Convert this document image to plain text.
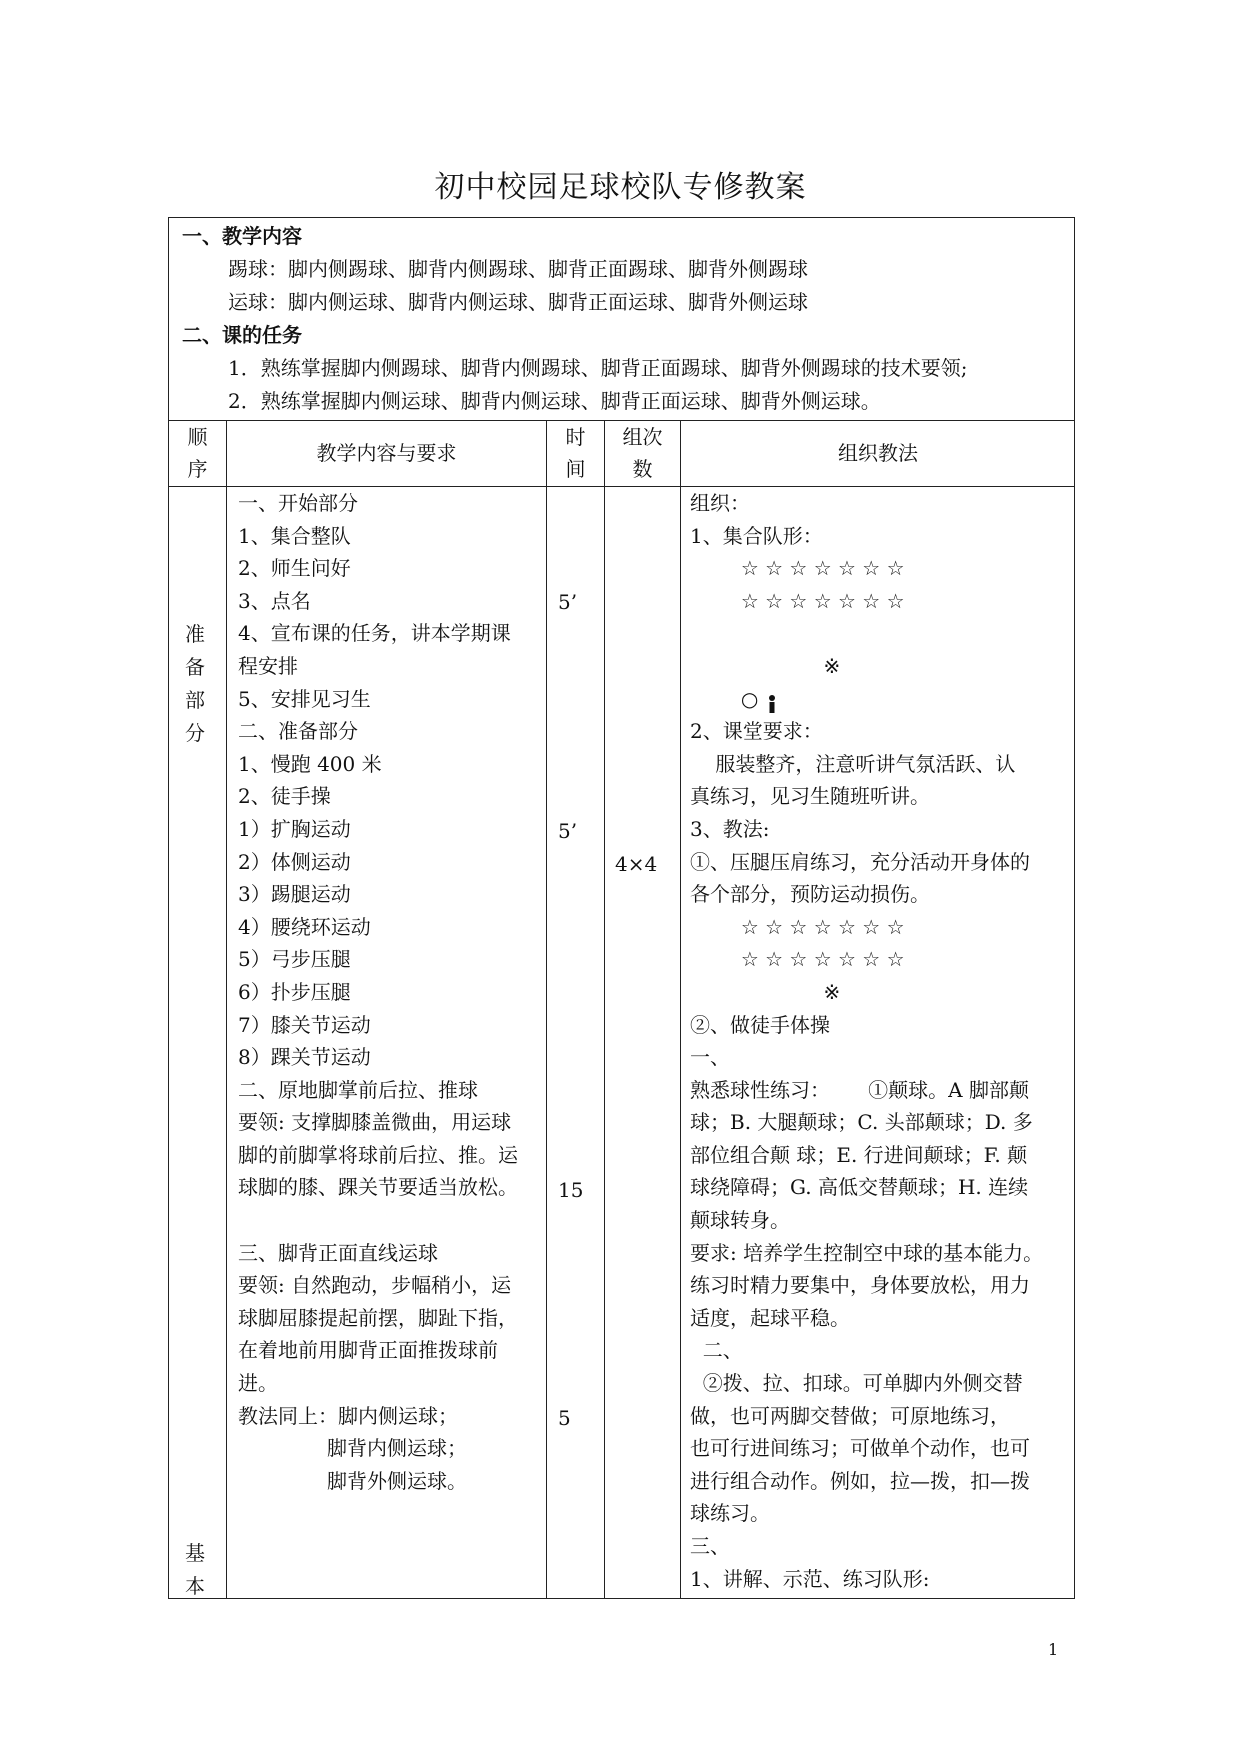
初中校园足球校队专修教案
一、教学内容
踢球：脚内侧踢球、脚背内侧踢球、脚背正面踢球、脚背外侧踢球
运球：脚内侧运球、脚背内侧运球、脚背正面运球、脚背外侧运球
二、课的任务
1．熟练掌握脚内侧踢球、脚背内侧踢球、脚背正面踢球、脚背外侧踢球的技术要领;
2．熟练掌握脚内侧运球、脚背内侧运球、脚背正面运球、脚背外侧运球。
顺
序
教学内容与要求
时
间
组次
数
组织教法
准
备
部
分
基
本
一、开始部分
1、集合整队
2、师生问好
3、点名
4、宣布课的任务，讲本学期课
程安排
5、安排见习生
二、准备部分
1、慢跑 400 米
2、徒手操
1）扩胸运动
2）体侧运动
3）踢腿运动
4）腰绕环运动
5）弓步压腿
6）扑步压腿
7）膝关节运动
8）踝关节运动
二、原地脚掌前后拉、推球
要领: 支撑脚膝盖微曲，用运球
脚的前脚掌将球前后拉、推。运
球脚的膝、踝关节要适当放松。
三、脚背正面直线运球
要领: 自然跑动，步幅稍小，运
球脚屈膝提起前摆，脚趾下指，
在着地前用脚背正面推拨球前
进。
教法同上：脚内侧运球；
脚背内侧运球；
脚背外侧运球。
5’
5’
15
5
4×4
组织：
1、集合队形：
☆ ☆ ☆ ☆ ☆ ☆ ☆
☆ ☆ ☆ ☆ ☆ ☆ ☆
※
○
2、课堂要求：
服装整齐，注意听讲气氛活跃、认
真练习，见习生随班听讲。
3、教法:
①、压腿压肩练习，充分活动开身体的
各个部分，预防运动损伤。
☆ ☆ ☆ ☆ ☆ ☆ ☆
☆ ☆ ☆ ☆ ☆ ☆ ☆
※
②、做徒手体操
一、
熟悉球性练习：      ①颠球。A 脚部颠
球；B. 大腿颠球；C. 头部颠球；D. 多
部位组合颠 球；E. 行进间颠球；F. 颠
球绕障碍；G. 高低交替颠球；H. 连续
颠球转身。
要求: 培养学生控制空中球的基本能力。
练习时精力要集中，身体要放松，用力
适度，起球平稳。
二、
②拨、拉、扣球。可单脚内外侧交替
做，也可两脚交替做；可原地练习，
也可行进间练习；可做单个动作，也可
进行组合动作。例如，拉—拨，扣—拨
球练习。
三、
1、讲解、示范、练习队形:
1
